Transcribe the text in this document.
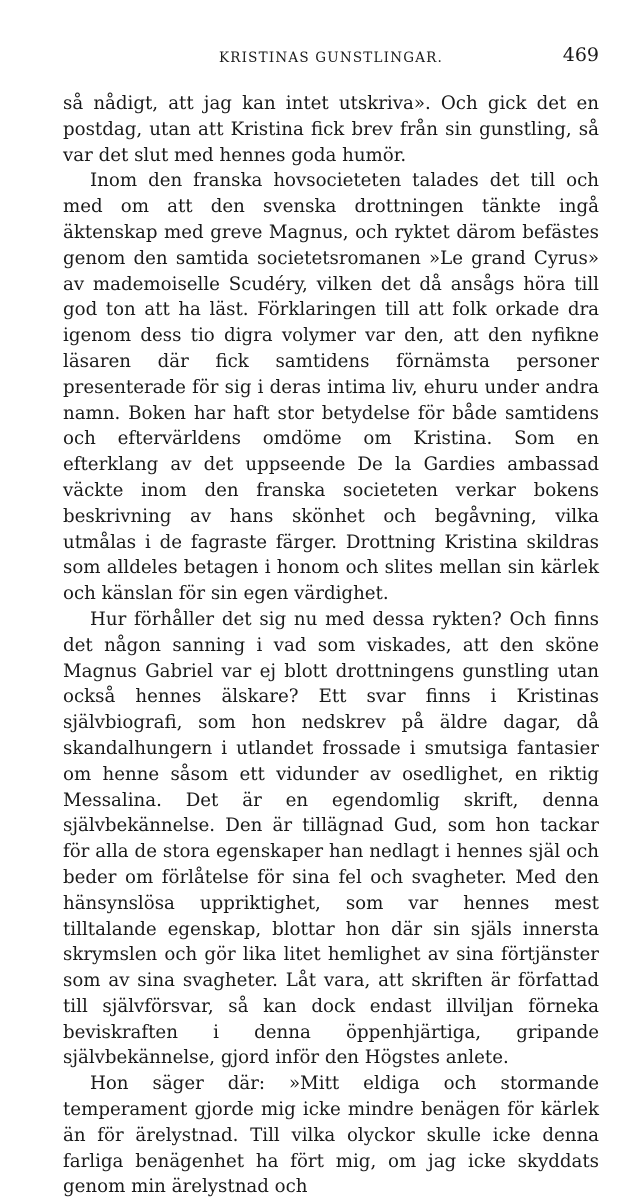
KRISTINAS GUNSTLINGAR.	469

så nådigt, att jag kan intet utskriva». Och gick det en postdag, utan att Kristina fick brev från sin gunstling, så var det slut med hennes goda humör.

Inom den franska hovsocieteten talades det till och med om att den svenska drottningen tänkte ingå äktenskap med greve Magnus, och ryktet därom befästes genom den samtida societetsromanen »Le grand Cyrus» av mademoiselle Scudéry, vilken det då ansågs höra till god ton att ha läst. Förklaringen till att folk orkade dra igenom dess tio digra volymer var den, att den nyfikne läsaren där fick samtidens förnämsta personer presenterade för sig i deras intima liv, ehuru under andra namn. Boken har haft stor betydelse för både samtidens och eftervärldens omdöme om Kristina. Som en efterklang av det uppseende De la Gardies ambassad väckte inom den franska societeten verkar bokens beskrivning av hans skönhet och begåvning, vilka utmålas i de fagraste färger. Drottning Kristina skildras som alldeles betagen i honom och slites mellan sin kärlek och känslan för sin egen värdighet.

Hur förhåller det sig nu med dessa rykten? Och finns det någon sanning i vad som viskades, att den sköne Magnus Gabriel var ej blott drottningens gunstling utan också hennes älskare? Ett svar finns i Kristinas självbiografi, som hon nedskrev på äldre dagar, då skandalhungern i utlandet frossade i smutsiga fantasier om henne såsom ett vidunder av osedlighet, en riktig Messalina. Det är en egendomlig skrift, denna självbekännelse. Den är tillägnad Gud, som hon tackar för alla de stora egenskaper han nedlagt i hennes själ och beder om förlåtelse för sina fel och svagheter. Med den hänsynslösa uppriktighet, som var hennes mest tilltalande egenskap, blottar hon där sin själs innersta skrymslen och gör lika litet hemlighet av sina förtjänster som av sina svagheter. Låt vara, att skriften är författad till självförsvar, så kan dock endast illviljan förneka beviskraften i denna öppenhjärtiga, gripande självbekännelse, gjord inför den Högstes anlete.

Hon säger där: »Mitt eldiga och stormande temperament gjorde mig icke mindre benägen för kärlek än för ärelystnad. Till vilka olyckor skulle icke denna farliga benägenhet ha fört mig, om jag icke skyddats genom min ärelystnad och
